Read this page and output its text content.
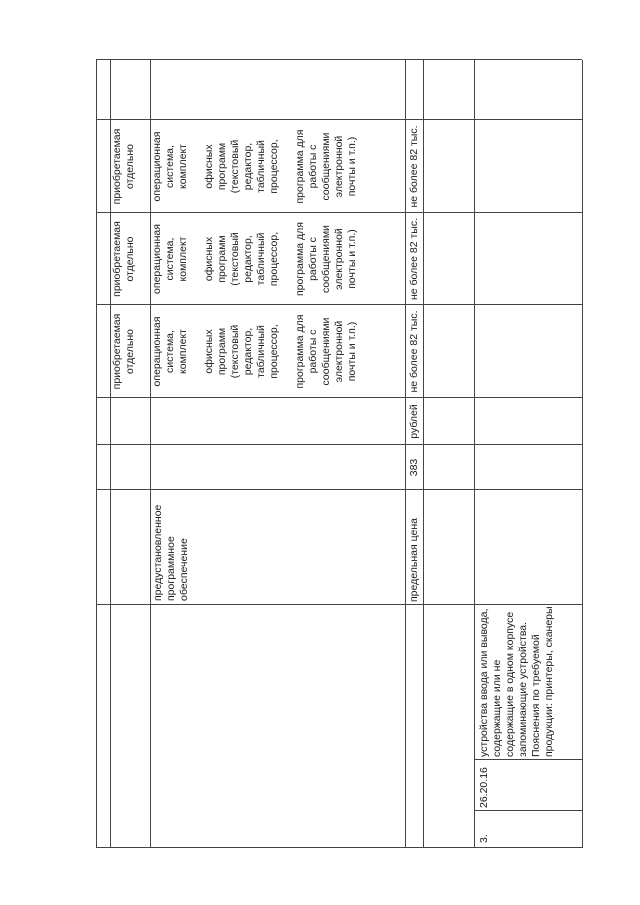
приобретаемая отдельно
приобретаемая отдельно
приобретаемая отдельно
предустановленное программное обеспечение
операционная система, комплект офисных программ (текстовый редактор, табличный процессор, программа для работы с сообщениями электронной почты и т.п.)
операционная система, комплект офисных программ (текстовый редактор, табличный процессор, программа для работы с сообщениями электронной почты и т.п.)
операционная система, комплект офисных программ (текстовый редактор, табличный процессор, программа для работы с сообщениями электронной почты и т.п.)
предельная цена
383
рублей
не более 82 тыс.
не более 82 тыс.
не более 82 тыс.
3.
26.20.16
устройства ввода или вывода, содержащие или не содержащие в одном корпусе запоминающие устройства. Пояснения по требуемой продукции: принтеры, сканеры
